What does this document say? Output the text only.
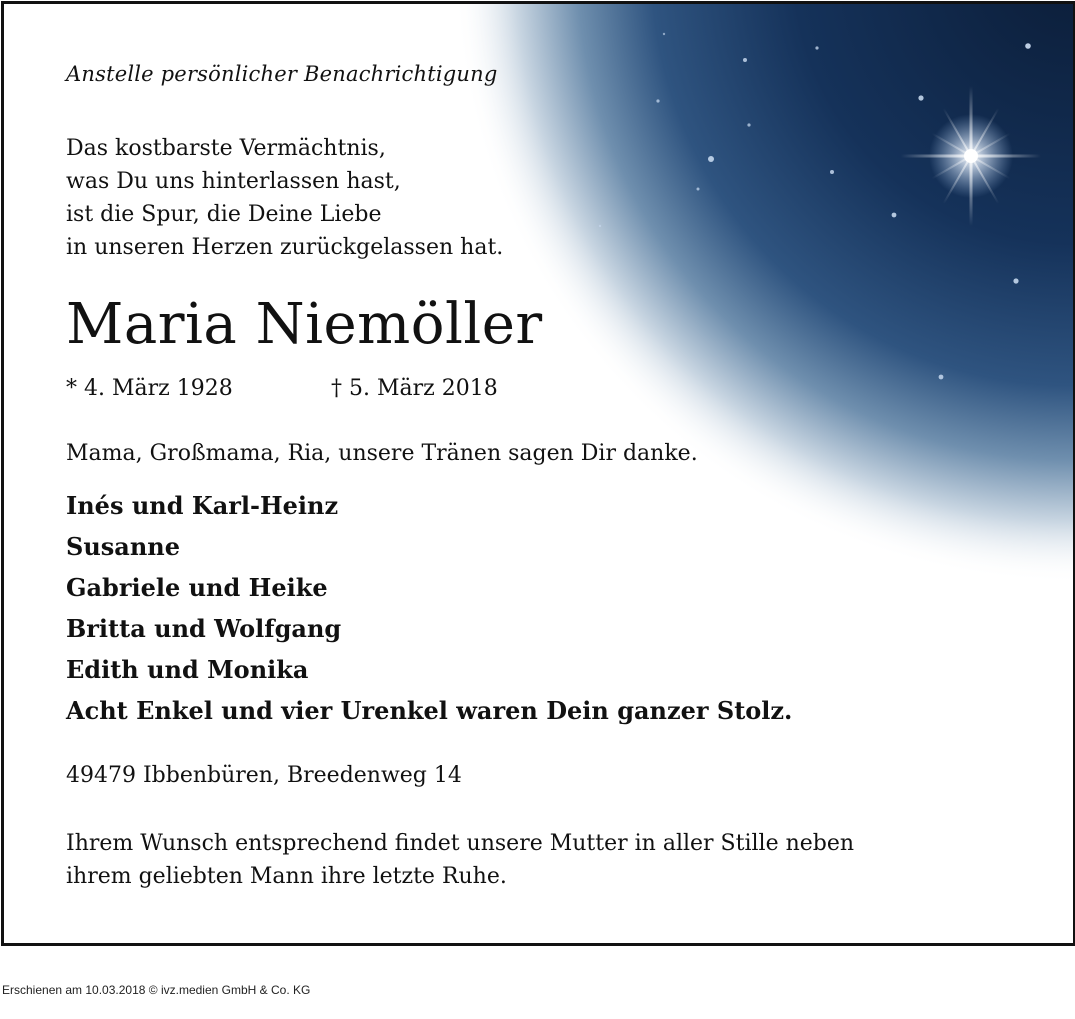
Anstelle persönlicher Benachrichtigung

Das kostbarste Vermächtnis,
was Du uns hinterlassen hast,
ist die Spur, die Deine Liebe
in unseren Herzen zurückgelassen hat.
Maria Niemöller
* 4. März 1928	† 5. März 2018

Mama, Großmama, Ria, unsere Tränen sagen Dir danke.

Inés und Karl-Heinz
Susanne
Gabriele und Heike
Britta und Wolfgang
Edith und Monika
Acht Enkel und vier Urenkel waren Dein ganzer Stolz.

49479 Ibbenbüren, Breedenweg 14

Ihrem Wunsch entsprechend findet unsere Mutter in aller Stille neben
ihrem geliebten Mann ihre letzte Ruhe.
Erschienen am 10.03.2018 © ivz.medien GmbH & Co. KG
